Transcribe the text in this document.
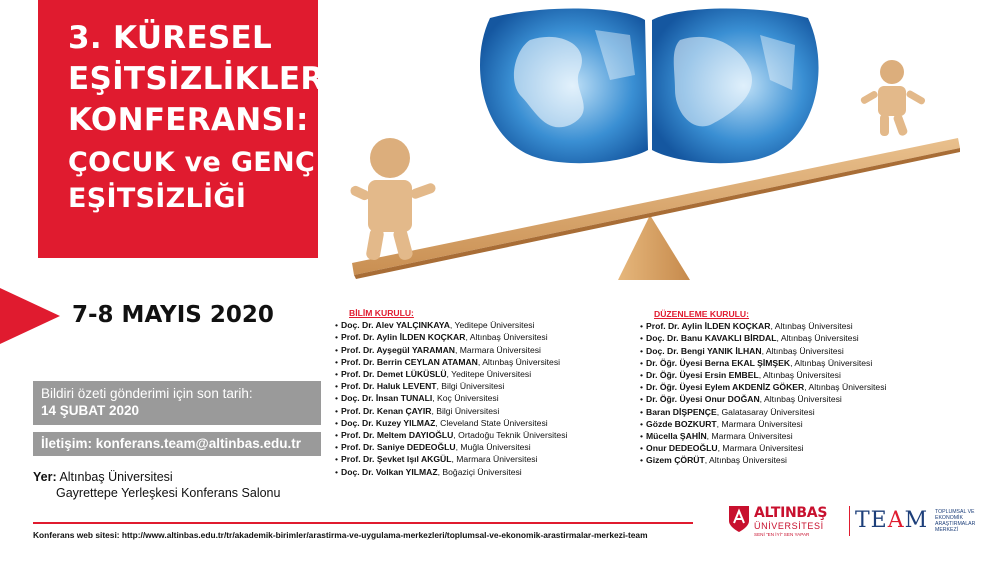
3. KÜRESEL
EŞİTSİZLİKLER
KONFERANSI:
ÇOCUK ve GENÇ
EŞİTSİZLİĞİ
7-8 MAYIS 2020
Bildiri özeti gönderimi için son tarih:
14 ŞUBAT 2020
İletişim: konferans.team@altinbas.edu.tr
Yer: Altınbaş Üniversitesi
Gayrettepe Yerleşkesi Konferans Salonu
BİLİM KURULU:
• Doç. Dr. Alev YALÇINKAYA, Yeditepe Üniversitesi
• Prof. Dr. Aylin İLDEN KOÇKAR, Altınbaş Üniversitesi
• Prof. Dr. Ayşegül YARAMAN, Marmara Üniversitesi
• Prof. Dr. Berrin CEYLAN ATAMAN, Altınbaş Üniversitesi
• Prof. Dr. Demet LÜKÜSLÜ, Yeditepe Üniversitesi
• Prof. Dr. Haluk LEVENT, Bilgi Üniversitesi
• Doç. Dr. İnsan TUNALI, Koç Üniversitesi
• Prof. Dr. Kenan ÇAYIR, Bilgi Üniversitesi
• Doç. Dr. Kuzey YILMAZ, Cleveland State Üniversitesi
• Prof. Dr. Meltem DAYIOĞLU, Ortadoğu Teknik Üniversitesi
• Prof. Dr. Saniye DEDEOĞLU, Muğla Üniversitesi
• Prof. Dr. Şevket Işıl AKGÜL, Marmara Üniversitesi
• Doç. Dr. Volkan YILMAZ, Boğaziçi Üniversitesi
DÜZENLEME KURULU:
• Prof. Dr. Aylin İLDEN KOÇKAR, Altınbaş Üniversitesi
• Doç. Dr. Banu KAVAKLI BİRDAL, Altınbaş Üniversitesi
• Doç. Dr. Bengi YANIK İLHAN, Altınbaş Üniversitesi
• Dr. Öğr. Üyesi Berna EKAL ŞİMŞEK, Altınbaş Üniversitesi
• Dr. Öğr. Üyesi Ersin EMBEL, Altınbaş Üniversitesi
• Dr. Öğr. Üyesi Eylem AKDENİZ GÖKER, Altınbaş Üniversitesi
• Dr. Öğr. Üyesi Onur DOĞAN, Altınbaş Üniversitesi
• Baran DİŞPENÇE, Galatasaray Üniversitesi
• Gözde BOZKURT, Marmara Üniversitesi
• Mücella ŞAHİN, Marmara Üniversitesi
• Onur DEDEOĞLU, Marmara Üniversitesi
• Gizem ÇÖRÜT, Altınbaş Üniversitesi
Konferans web sitesi: http://www.altinbas.edu.tr/tr/akademik-birimler/arastirma-ve-uygulama-merkezleri/toplumsal-ve-ekonomik-arastirmalar-merkezi-team
ALTINBAŞ
ÜNİVERSİTESİ
SENİ "EN İYİ" SEN YAPAR
TEAM TOPLUMSAL VE
EKONOMİK
ARAŞTIRMALAR
MERKEZİ
